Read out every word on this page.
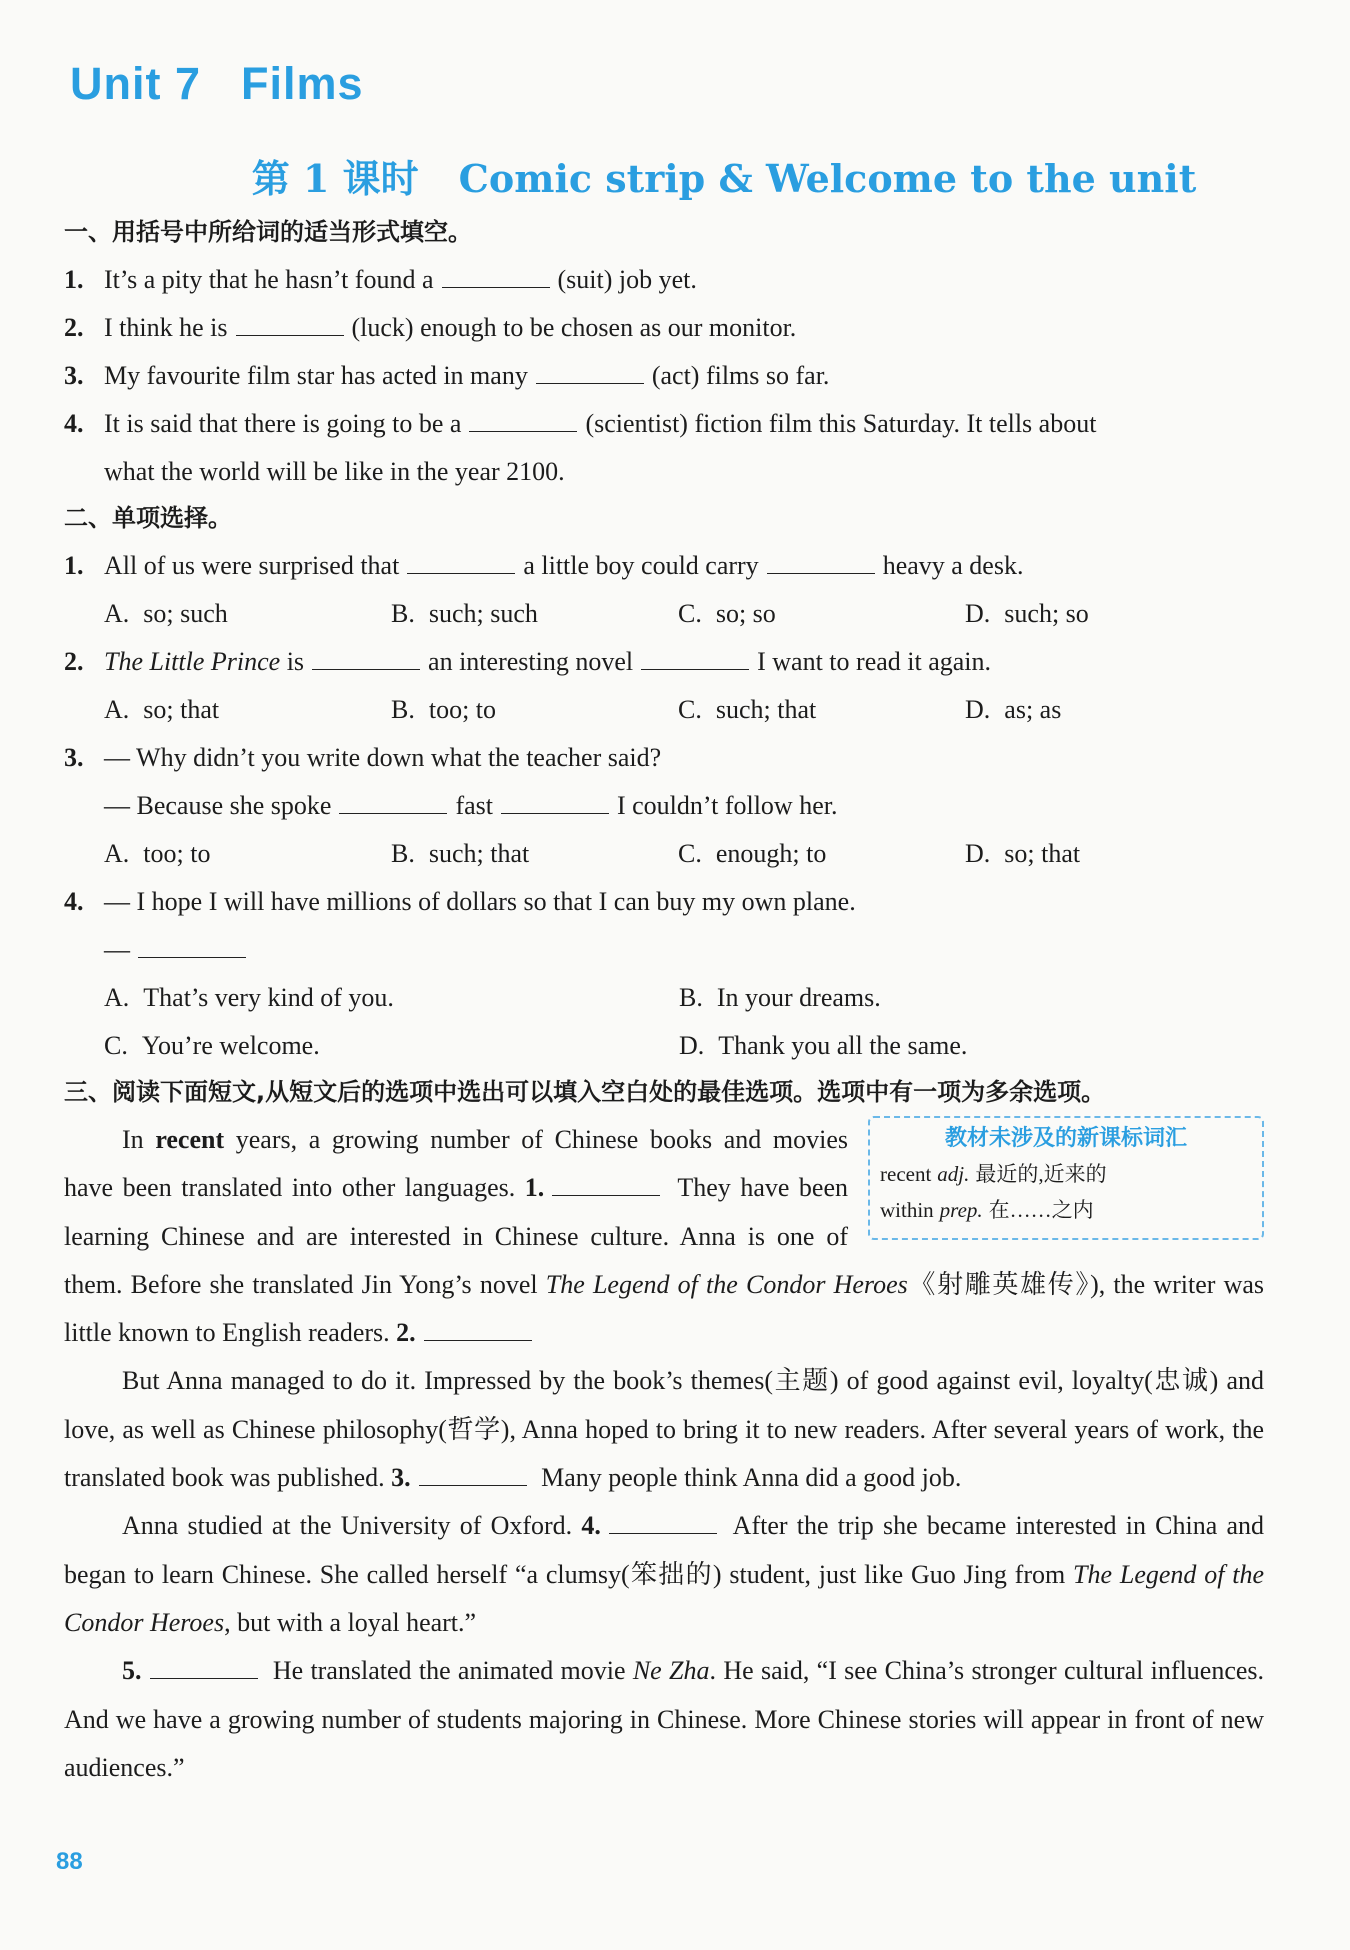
Unit 7 Films
第 1 课时 Comic strip & Welcome to the unit
一、用括号中所给词的适当形式填空。
1. It’s a pity that he hasn’t found a	(suit) job yet.
2. I think he is	(luck) enough to be chosen as our monitor.
3. My favourite film star has acted in many	(act) films so far.
4. It is said that there is going to be a	(scientist) fiction film this Saturday. It tells about
what the world will be like in the year 2100.
二、单项选择。
1. All of us were surprised that	a little boy could carry	heavy a desk.
A. so; such	B. such; such	C. so; so	D. such; so
2. The Little Prince is	an interesting novel	I want to read it again.
A. so; that	B. too; to	C. such; that	D. as; as
3. — Why didn’t you write down what the teacher said?
— Because she spoke	fast	I couldn’t follow her.
A. too; to	B. such; that	C. enough; to	D. so; that
4. — I hope I will have millions of dollars so that I can buy my own plane.
—
A. That’s very kind of you.	B. In your dreams.
C. You’re welcome.	D. Thank you all the same.
三、阅读下面短文,从短文后的选项中选出可以填入空白处的最佳选项。选项中有一项为多余选项。
教材未涉及的新课标词汇
recent adj. 最近的,近来的
within prep. 在……之内

In recent years, a growing number of Chinese books and movies have been translated into other languages. 1.	They have been learning Chinese and are interested in Chinese culture. Anna is one of them. Before she translated Jin Yong’s novel The Legend of the Condor Heroes《射雕英雄传》), the writer was little known to English readers. 2.

But Anna managed to do it. Impressed by the book’s themes(主题) of good against evil, loyalty(忠诚) and love, as well as Chinese philosophy(哲学), Anna hoped to bring it to new readers. After several years of work, the translated book was published. 3.	Many people think Anna did a good job.

Anna studied at the University of Oxford. 4.	After the trip she became interested in China and began to learn Chinese. She called herself “a clumsy(笨拙的) student, just like Guo Jing from The Legend of the Condor Heroes, but with a loyal heart.”

5.	He translated the animated movie Ne Zha. He said, “I see China’s stronger cultural influences. And we have a growing number of students majoring in Chinese. More Chinese stories will appear in front of new audiences.”

88
